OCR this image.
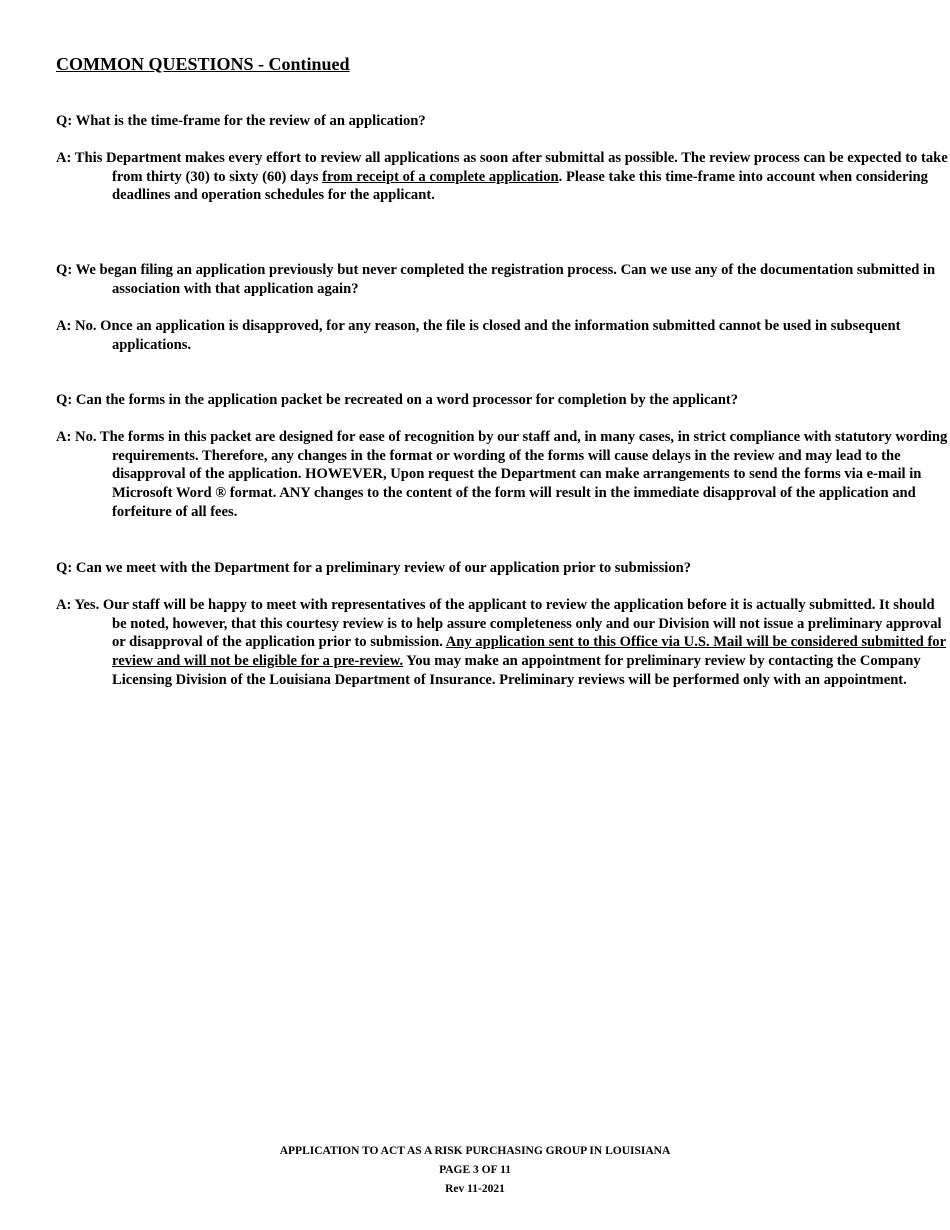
COMMON QUESTIONS - Continued

Q: What is the time-frame for the review of an application?

A: This Department makes every effort to review all applications as soon after submittal as possible. The review process can be expected to take from thirty (30) to sixty (60) days from receipt of a complete application. Please take this time-frame into account when considering deadlines and operation schedules for the applicant.

Q: We began filing an application previously but never completed the registration process. Can we use any of the documentation submitted in association with that application again?

A: No. Once an application is disapproved, for any reason, the file is closed and the information submitted cannot be used in subsequent applications.

Q: Can the forms in the application packet be recreated on a word processor for completion by the applicant?

A: No. The forms in this packet are designed for ease of recognition by our staff and, in many cases, in strict compliance with statutory wording requirements. Therefore, any changes in the format or wording of the forms will cause delays in the review and may lead to the disapproval of the application. HOWEVER, Upon request the Department can make arrangements to send the forms via e-mail in Microsoft Word ® format. ANY changes to the content of the form will result in the immediate disapproval of the application and forfeiture of all fees.

Q: Can we meet with the Department for a preliminary review of our application prior to submission?

A: Yes. Our staff will be happy to meet with representatives of the applicant to review the application before it is actually submitted. It should be noted, however, that this courtesy review is to help assure completeness only and our Division will not issue a preliminary approval or disapproval of the application prior to submission. Any application sent to this Office via U.S. Mail will be considered submitted for review and will not be eligible for a pre-review. You may make an appointment for preliminary review by contacting the Company Licensing Division of the Louisiana Department of Insurance. Preliminary reviews will be performed only with an appointment.

APPLICATION TO ACT AS A RISK PURCHASING GROUP IN LOUISIANA
PAGE 3 OF 11
Rev 11-2021
